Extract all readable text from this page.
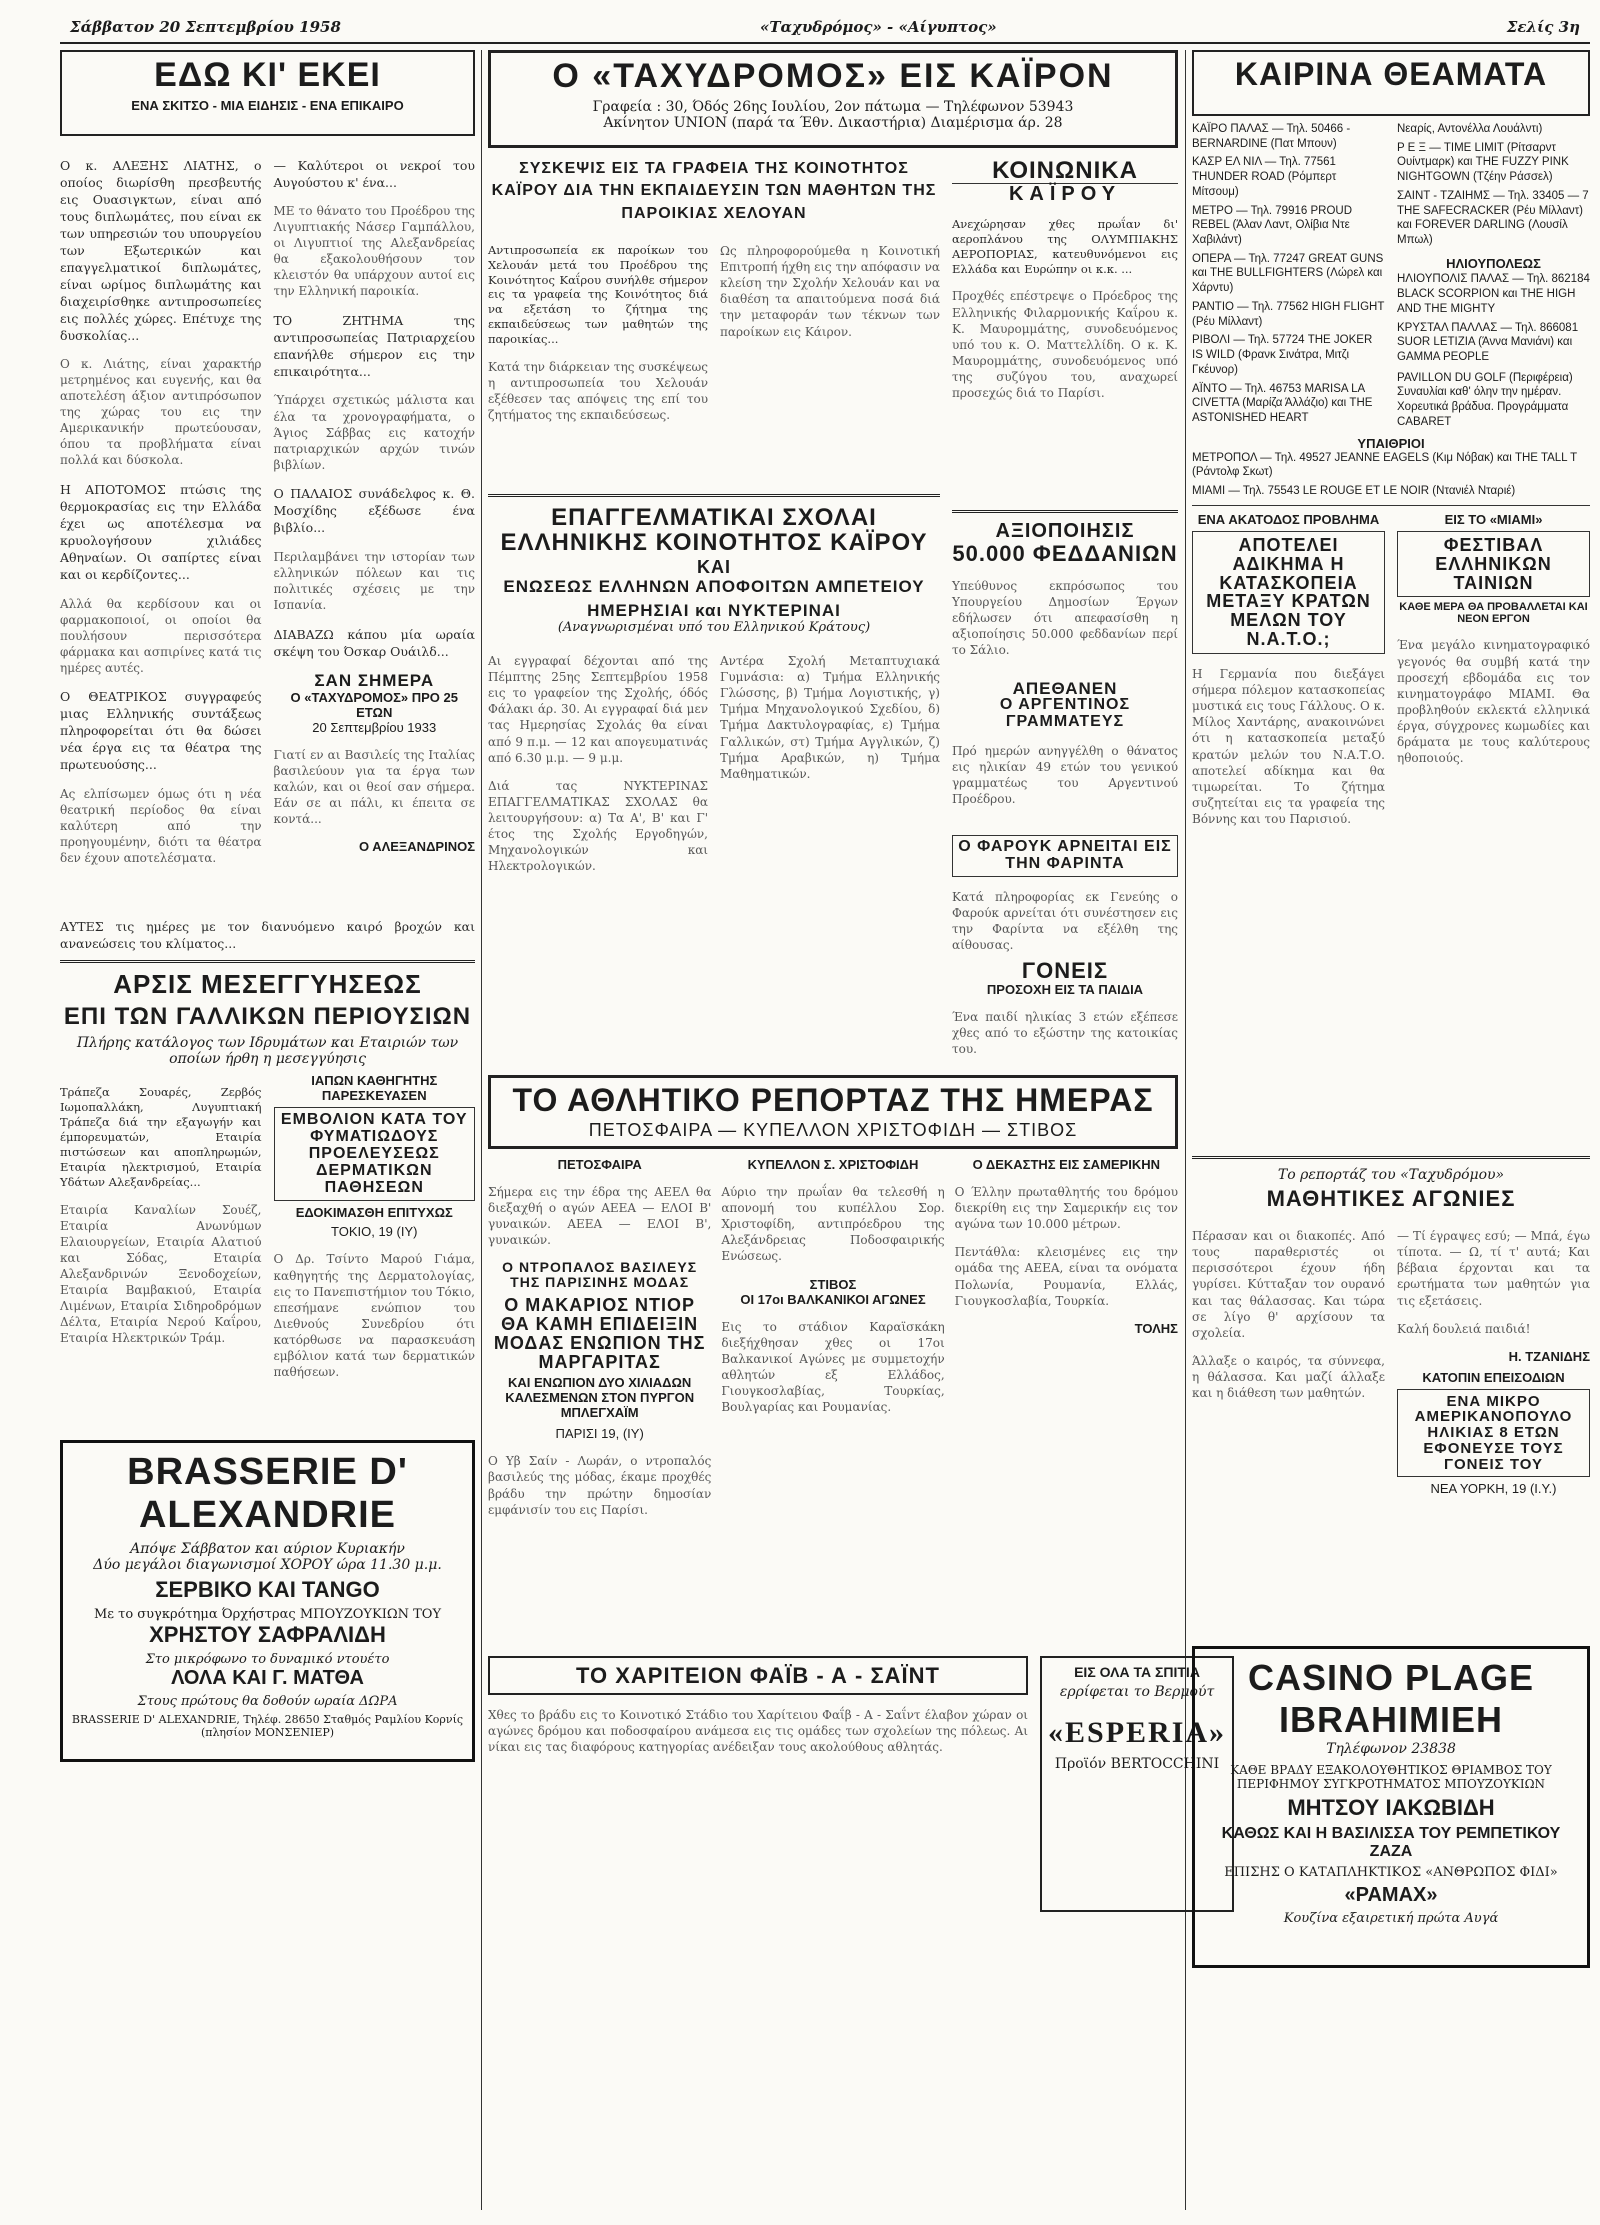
Σάββατον 20 Σεπτεμβρίου 1958	«Ταχυδρόμος» - «Αίγυπτος»	Σελίς 3η
ΕΔΩ ΚΙ' ΕΚΕΙ
ΕΝΑ ΣΚΙΤΣΟ - ΜΙΑ ΕΙΔΗΣΙΣ - ΕΝΑ ΕΠΙΚΑΙΡΟ

Ο κ. ΑΛΕΞΗΣ ΛΙΑΤΗΣ, ο οποίος διωρίσθη πρεσβευτής εις Ουασιγκτων, είναι από τους διπλωμάτες, που είναι εκ των υπηρεσιών του υπουργείου των Εξωτερικών και επαγγελματικοί διπλωμάτες, είναι ωρίμος διπλωμάτης και διαχειρίσθηκε αντιπροσωπείες εις πολλές χώρες. Επέτυχε της δυσκολίας...

Ο κ. Λιάτης, είναι χαρακτήρ μετρημένος και ευγενής, και θα αποτελέση άξιον αντιπρόσωπον της χώρας του εις την Αμερικανικήν πρωτεύουσαν, όπου τα προβλήματα είναι πολλά και δύσκολα.

Η ΑΠΟΤΟΜΟΣ πτώσις της θερμοκρασίας εις την Ελλάδα έχει ως αποτέλεσμα να κρυολογήσουν χιλιάδες Αθηναίων. Οι σαπίρτες είναι και οι κερδίζοντες...

Αλλά θα κερδίσουν και οι φαρμακοποιοί, οι οποίοι θα πουλήσουν περισσότερα φάρμακα και ασπιρίνες κατά τις ημέρες αυτές.

Ο ΘΕΑΤΡΙΚΟΣ συγγραφεύς μιας Ελληνικής συντάξεως πληροφορείται ότι θα δώσει νέα έργα εις τα θέατρα της πρωτευούσης...

Ας ελπίσωμεν όμως ότι η νέα θεατρική περίοδος θα είναι καλύτερη από την προηγουμένην, διότι τα θέατρα δεν έχουν αποτελέσματα.

— Καλύτεροι οι νεκροί του Αυγούστου κ' ένα...

ΜΕ το θάνατο του Προέδρου της Λιγυπτιακής Νάσερ Γαμπάλλου, οι Λιγυπτιοί της Αλεξανδρείας θα εξακολουθήσουν τον κλειστόν θα υπάρχουν αυτοί εις την Ελληνική παροικία.

ΤΟ ΖΗΤΗΜΑ της αντιπροσωπείας Πατριαρχείου επανήλθε σήμερον εις την επικαιρότητα...

Ύπάρχει σχετικώς μάλιστα και έλα τα χρονογραφήματα, ο Άγιος Σάββας εις κατοχήν πατριαρχικών αρχών τινών βιβλίων.

Ο ΠΑΛΑΙΟΣ συνάδελφος κ. Θ. Μοσχίδης εξέδωσε ένα βιβλίο...

Περιλαμβάνει την ιστορίαν των ελληνικών πόλεων και τις πολιτικές σχέσεις με την Ισπανία.

ΔΙΑΒΑΖΩ κάπου μία ωραία σκέψη του Όσκαρ Ουάιλδ...

ΣΑΝ ΣΗΜΕΡΑ
Ο «ΤΑΧΥΔΡΟΜΟΣ» ΠΡΟ 25 ΕΤΩΝ
20 Σεπτεμβρίου 1933

Γιατί εν αι Βασιλείς της Ιταλίας βασιλεύουν για τα έργα των καλών, και οι θεοί σαν σήμερα. Εάν σε αι πάλι, κι έπειτα σε κοντά...

Ο ΑΛΕΞΑΝΔΡΙΝΟΣ

ΑΥΤΕΣ τις ημέρες με τον διανυόμενο καιρό βροχών και ανανεώσεις του κλίματος...

ΑΡΣΙΣ ΜΕΣΕΓΓΥΗΣΕΩΣ
ΕΠΙ ΤΩΝ ΓΑΛΛΙΚΩΝ ΠΕΡΙΟΥΣΙΩΝ
Πλήρης κατάλογος των Ιδρυμάτων και Εταιριών των οποίων ήρθη η μεσεγγύησις

Τράπεζα Σουαρές, Ζερβός Ιωμοπαλλάκη, Λυγυπτιακή Τράπεζα διά την εξαγωγήν και έμπορευματών, Εταιρία πιστώσεων και αποπληρωμών, Εταιρία ηλεκτρισμού, Εταιρία Υδάτων Αλεξανδρείας...

Εταιρία Καναλίων Σουέζ, Εταιρία Ανωνύμων Ελαιουργείων, Εταιρία Αλατιού και Σόδας, Εταιρία Αλεξανδρινών Ξενοδοχείων, Εταιρία Βαμβακιού, Εταιρία Λιμένων, Εταιρία Σιδηροδρόμων Δέλτα, Εταιρία Νερού Καΐρου, Εταιρία Ηλεκτρικών Τράμ.

ΙΑΠΩΝ ΚΑΘΗΓΗΤΗΣ ΠΑΡΕΣΚΕΥΑΣΕΝ
ΕΜΒΟΛΙΟΝ ΚΑΤΑ ΤΟΥ ΦΥΜΑΤΙΩΔΟΥΣ ΠΡΟΕΛΕΥΣΕΩΣ ΔΕΡΜΑΤΙΚΩΝ ΠΑΘΗΣΕΩΝ
ΕΔΟΚΙΜΑΣΘΗ ΕΠΙΤΥΧΩΣ
ΤΟΚΙΟ, 19 (ΙΥ)

Ο Δρ. Τσίντο Μαρού Γιάμα, καθηγητής της Δερματολογίας, εις το Πανεπιστήμιον του Τόκιο, επεσήμανε ενώπιον του Διεθνούς Συνεδρίου ότι κατόρθωσε να παρασκευάση εμβόλιον κατά των δερματικών παθήσεων.

BRASSERIE D' ALEXANDRIE
Απόψε Σάββατον και αύριον Κυριακήν
Δύο μεγάλοι διαγωνισμοί ΧΟΡΟΥ ώρα 11.30 μ.μ.
ΣΕΡΒΙΚΟ ΚΑΙ TANGO
Με το συγκρότημα Όρχήστρας ΜΠΟΥΖΟΥΚΙΩΝ ΤΟΥ
ΧΡΗΣΤΟΥ ΣΑΦΡΑΛΙΔΗ
Στο μικρόφωνο το δυναμικό ντουέτο
ΛΟΛΑ ΚΑΙ Γ. ΜΑΤΘΑ
Στους πρώτους θα δοθούν ωραία ΔΩΡΑ
BRASSERIE D' ALEXANDRIE, Τηλέφ. 28650 Σταθμός Ραμλίου Κορνίς (πλησίον ΜΟΝΣΕΝΙΕΡ)
Ο «ΤΑΧΥΔΡΟΜΟΣ» ΕΙΣ ΚΑΪΡΟΝ
Γραφεία : 30, Όδός 26ης Ιουλίου, 2ον πάτωμα — Τηλέφωνον 53943
Ακίνητον UNION (παρά τα Έθν. Δικαστήρια) Διαμέρισμα άρ. 28
ΣΥΣΚΕΨΙΣ ΕΙΣ ΤΑ ΓΡΑΦΕΙΑ ΤΗΣ ΚΟΙΝΟΤΗΤΟΣ ΚΑΪΡΟΥ ΔΙΑ ΤΗΝ ΕΚΠΑΙΔΕΥΣΙΝ ΤΩΝ ΜΑΘΗΤΩΝ ΤΗΣ ΠΑΡΟΙΚΙΑΣ ΧΕΛΟΥΑΝ

Αντιπροσωπεία εκ παροίκων του Χελουάν μετά του Προέδρου της Κοινότητος Καΐρου συνήλθε σήμερον εις τα γραφεία της Κοινότητος διά να εξετάση το ζήτημα της εκπαιδεύσεως των μαθητών της παροικίας...

Κατά την διάρκειαν της συσκέψεως η αντιπροσωπεία του Χελουάν εξέθεσεν τας απόψεις της επί του ζητήματος της εκπαιδεύσεως.

Ως πληροφορούμεθα η Κοινοτική Επιτροπή ήχθη εις την απόφασιν να κλείση την Σχολήν Χελουάν και να διαθέση τα απαιτούμενα ποσά διά την μεταφοράν των τέκνων των παροίκων εις Κάιρον.

ΕΠΑΓΓΕΛΜΑΤΙΚΑΙ ΣΧΟΛΑΙ ΕΛΛΗΝΙΚΗΣ ΚΟΙΝΟΤΗΤΟΣ ΚΑΪΡΟΥ
ΚΑΙ
ΕΝΩΣΕΩΣ ΕΛΛΗΝΩΝ ΑΠΟΦΟΙΤΩΝ ΑΜΠΕΤΕΙΟΥ
ΗΜΕΡΗΣΙΑΙ και ΝΥΚΤΕΡΙΝΑΙ
(Αναγνωρισμέναι υπό του Ελληνικού Κράτους)

Αι εγγραφαί δέχονται από της Πέμπτης 25ης Σεπτεμβρίου 1958 εις το γραφείον της Σχολής, όδός Φάλακι άρ. 30. Αι εγγραφαί διά μεν τας Ημερησίας Σχολάς θα είναι από 9 π.μ. — 12 και απογευματινάς από 6.30 μ.μ. — 9 μ.μ.

Διά τας ΝΥΚΤΕΡΙΝΑΣ ΕΠΑΓΓΕΛΜΑΤΙΚΑΣ ΣΧΟΛΑΣ θα λειτουργήσουν: α) Τα Α', Β' και Γ' έτος της Σχολής Εργοδηγών, Μηχανολογικών και Ηλεκτρολογικών.

Αντέρα Σχολή Μεταπτυχιακά Γυμνάσια: α) Τμήμα Ελληνικής Γλώσσης, β) Τμήμα Λογιστικής, γ) Τμήμα Μηχανολογικού Σχεδίου, δ) Τμήμα Δακτυλογραφίας, ε) Τμήμα Γαλλικών, στ) Τμήμα Αγγλικών, ζ) Τμήμα Αραβικών, η) Τμήμα Μαθηματικών.

ΚΟΙΝΩΝΙΚΑ
ΚΑΪΡΟΥ

Ανεχώρησαν χθες πρωΐαν δι' αεροπλάνου της ΟΛΥΜΠΙΑΚΗΣ ΑΕΡΟΠΟΡΙΑΣ, κατευθυνόμενοι εις Ελλάδα και Ευρώπην οι κ.κ. ...

Προχθές επέστρεψε ο Πρόεδρος της Ελληνικής Φιλαρμονικής Καΐρου κ. Κ. Μαυρομμάτης, συνοδευόμενος υπό του κ. Ο. Ματτελλίδη. Ο κ. Κ. Μαυρομμάτης, συνοδευόμενος υπό της συζύγου του, αναχωρεί προσεχώς διά το Παρίσι.

ΑΞΙΟΠΟΙΗΣΙΣ
50.000 ΦΕΔΔΑΝΙΩΝ

Υπεύθυνος εκπρόσωπος του Υπουργείου Δημοσίων Έργων εδήλωσεν ότι απεφασίσθη η αξιοποίησις 50.000 φεδδανίων περί το Σάλιο.

ΑΠΕΘΑΝΕΝ
Ο ΑΡΓΕΝΤΙΝΟΣ ΓΡΑΜΜΑΤΕΥΣ

Πρό ημερών ανηγγέλθη ο θάνατος εις ηλικίαν 49 ετών του γενικού γραμματέως του Αργεντινού Προέδρου.

Ο ΦΑΡΟΥΚ ΑΡΝΕΙΤΑΙ ΕΙΣ ΤΗΝ ΦΑΡΙΝΤΑ

Κατά πληροφορίας εκ Γενεύης ο Φαρούκ αρνείται ότι συνέστησεν εις την Φαρίντα να εξέλθη της αίθουσας.

ΓΟΝΕΙΣ
ΠΡΟΣΟΧΗ ΕΙΣ ΤΑ ΠΑΙΔΙΑ

Ένα παιδί ηλικίας 3 ετών εξέπεσε χθες από το εξώστην της κατοικίας του.

ΤΟ ΑΘΛΗΤΙΚΟ ΡΕΠΟΡΤΑΖ ΤΗΣ ΗΜΕΡΑΣ
ΠΕΤΟΣΦΑΙΡΑ — ΚΥΠΕΛΛΟΝ ΧΡΙΣΤΟΦΙΔΗ — ΣΤΙΒΟΣ
ΠΕΤΟΣΦΑΙΡΑ

Σήμερα εις την έδρα της ΑΕΕΛ θα διεξαχθή ο αγών ΑΕΕΑ — ΕΛΟΙ Β' γυναικών. ΑΕΕΑ — ΕΛΟΙ Β', γυναικών.

Ο ΝΤΡΟΠΑΛΟΣ ΒΑΣΙΛΕΥΣ ΤΗΣ ΠΑΡΙΣΙΝΗΣ ΜΟΔΑΣ
Ο ΜΑΚΑΡΙΟΣ ΝΤΙΟΡ ΘΑ ΚΑΜΗ ΕΠΙΔΕΙΞΙΝ ΜΟΔΑΣ ΕΝΩΠΙΟΝ ΤΗΣ ΜΑΡΓΑΡΙΤΑΣ
ΚΑΙ ΕΝΩΠΙΟΝ ΔΥΟ ΧΙΛΙΑΔΩΝ ΚΑΛΕΣΜΕΝΩΝ ΣΤΟΝ ΠΥΡΓΟΝ ΜΠΛΕΓΧΑΪΜ
ΠΑΡΙΣΙ 19, (ΙΥ)

Ο Υβ Σαίν - Λωράν, ο ντροπαλός βασιλεύς της μόδας, έκαμε προχθές βράδυ την πρώτην δημοσίαν εμφάνισίν του εις Παρίσι.

ΚΥΠΕΛΛΟΝ Σ. ΧΡΙΣΤΟΦΙΔΗ

Αύριο την πρωΐαν θα τελεσθή η απονομή του κυπέλλου Σορ. Χριστοφίδη, αντιπρόεδρου της Αλεξάνδρειας Ποδοσφαιρικής Ενώσεως.

ΣΤΙΒΟΣ
ΟΙ 17οι ΒΑΛΚΑΝΙΚΟΙ ΑΓΩΝΕΣ

Εις το στάδιον Καραϊσκάκη διεξήχθησαν χθες οι 17οι Βαλκανικοί Αγώνες με συμμετοχήν αθλητών εξ Ελλάδος, Γιουγκοσλαβίας, Τουρκίας, Βουλγαρίας και Ρουμανίας.

Ο ΔΕΚΑΣΤΗΣ ΕΙΣ ΣΑΜΕΡΙΚΗΝ

Ο Έλλην πρωταθλητής του δρόμου διεκρίθη εις την Σαμερικήν εις τον αγώνα των 10.000 μέτρων.

Πεντάθλα: κλεισμένες εις την ομάδα της ΑΕΕΑ, είναι τα ονόματα Πολωνία, Ρουμανία, Ελλάς, Γιουγκοσλαβία, Τουρκία.

ΤΟΛΗΣ
ΤΟ ΧΑΡΙΤΕΙΟΝ ΦΑΪΒ - Α - ΣΑΪΝΤ

Χθες το βράδυ εις το Κοινοτικό Στάδιο του Χαρίτειου Φαΐβ - Α - Σαΐντ έλαβον χώραν οι αγώνες δρόμου και ποδοσφαίρου ανάμεσα εις τις ομάδες των σχολείων της πόλεως. Αι νίκαι εις τας διαφόρους κατηγορίας ανέδειξαν τους ακολούθους αθλητάς.

ΕΙΣ ΟΛΑ ΤΑ ΣΠΙΤΙΑ
ερρίφεται το Βερμούτ
«ESPERIA»
Προϊόν BERTOCCHINI
ΚΑΙΡΙΝΑ ΘΕΑΜΑΤΑ
ΚΑΪΡΟ ΠΑΛΑΣ — Τηλ. 50466 - BERNARDINE (Πατ Μπουν)
ΚΑΣΡ ΕΛ ΝΙΛ — Τηλ. 77561 THUNDER ROAD (Ρόμπερτ Μίτσουμ)
ΜΕΤΡΟ — Τηλ. 79916 PROUD REBEL (Άλαν Λαντ, Ολίβια Ντε Χαβιλάντ)
ΟΠΕΡΑ — Τηλ. 77247 GREAT GUNS και THE BULLFIGHTERS (Λώρελ και Χάρντυ)
ΡΑΝΤΙΟ — Τηλ. 77562 HIGH FLIGHT (Ρέυ Μίλλαντ)
ΡΙΒΟΛΙ — Τηλ. 57724 THE JOKER IS WILD (Φρανκ Σινάτρα, Μιτζι Γκέυνορ)
ΑΪΝΤΟ — Τηλ. 46753 MARISA LA CIVETTA (Μαρίζα Άλλάζιο) και THE ASTONISHED HEART
Νεαρίς, Αντονέλλα Λουάλντι)
Ρ Ε Ξ — TIME LIMIT (Ρίτσαρντ Ουίντμαρκ) και THE FUZZY PINK NIGHTGOWN (Τζέην Ράσσελ)
ΣΑΙΝΤ - ΤΖΑΙΗΜΣ — Τηλ. 33405 — 7 THE SAFECRACKER (Ρέυ Μίλλαντ) και FOREVER DARLING (Λουσίλ Μπωλ)
ΗΛΙΟΥΠΟΛΕΩΣ
ΗΛΙΟΥΠΟΛΙΣ ΠΑΛΑΣ — Τηλ. 862184 BLACK SCORPION και THE HIGH AND THE MIGHTY
ΚΡΥΣΤΑΛ ΠΑΛΛΑΣ — Τηλ. 866081 SUOR LETIZIA (Άννα Μανιάνι) και GAMMA PEOPLE
PAVILLON DU GOLF (Περιφέρεια) Συναυλίαι καθ' όλην την ημέραν. Χορευτικά βράδυα. Προγράμματα CABARET
ΥΠΑΙΘΡΙΟΙ
ΜΕΤΡΟΠΟΛ — Τηλ. 49527 JEANNE EAGELS (Κιμ Νόβακ) και THE TALL T (Ράντολφ Σκωτ)
ΜΙΑΜΙ — Τηλ. 75543 LE ROUGE ET LE NOIR (Ντανιέλ Νταριέ)
ΕΝΑ ΑΚΑΤΟΔΟΣ ΠΡΟΒΛΗΜΑ
ΑΠΟΤΕΛΕΙ ΑΔΙΚΗΜΑ Η ΚΑΤΑΣΚΟΠΕΙΑ ΜΕΤΑΞΥ ΚΡΑΤΩΝ ΜΕΛΩΝ ΤΟΥ Ν.Α.Τ.Ο.;

Η Γερμανία που διεξάγει σήμερα πόλεμον κατασκοπείας μυστικά εις τους Γάλλους. Ο κ. Μίλος Χαντάρης, ανακοινώνει ότι η κατασκοπεία μεταξύ κρατών μελών του Ν.Α.Τ.Ο. αποτελεί αδίκημα και θα τιμωρείται. Το ζήτημα συζητείται εις τα γραφεία της Βόννης και του Παρισιού.

ΕΙΣ ΤΟ «ΜΙΑΜΙ»
ΦΕΣΤΙΒΑΛ ΕΛΛΗΝΙΚΩΝ ΤΑΙΝΙΩΝ
ΚΑΘΕ ΜΕΡΑ ΘΑ ΠΡΟΒΑΛΛΕΤΑΙ ΚΑΙ ΝΕΟΝ ΕΡΓΟΝ

Ένα μεγάλο κινηματογραφικό γεγονός θα συμβή κατά την προσεχή εβδομάδα εις τον κινηματογράφο ΜΙΑΜΙ. Θα προβληθούν εκλεκτά ελληνικά έργα, σύγχρονες κωμωδίες και δράματα με τους καλύτερους ηθοποιούς.

Το ρεπορτάζ του «Ταχυδρόμου»
ΜΑΘΗΤΙΚΕΣ ΑΓΩΝΙΕΣ

Πέρασαν και οι διακοπές. Από τους παραθεριστές οι περισσότεροι έχουν ήδη γυρίσει. Κύτταξαν τον ουρανό και τας θάλασσας. Και τώρα σε λίγο θ' αρχίσουν τα σχολεία.

Άλλαξε ο καιρός, τα σύννεφα, η θάλασσα. Και μαζί άλλαξε και η διάθεση των μαθητών.

— Τί έγραψες εσύ; — Μπά, έγω τίποτα. — Ω, τί τ' αυτά; Και βέβαια έρχονται και τα ερωτήματα των μαθητών για τις εξετάσεις.

Καλή δουλειά παιδιά!

Η. ΤΖΑΝΙΔΗΣ
ΚΑΤΟΠΙΝ ΕΠΕΙΣΟΔΙΩΝ
ΕΝΑ ΜΙΚΡΟ ΑΜΕΡΙΚΑΝΟΠΟΥΛΟ ΗΛΙΚΙΑΣ 8 ΕΤΩΝ ΕΦΟΝΕΥΣΕ ΤΟΥΣ ΓΟΝΕΙΣ ΤΟΥ
ΝΕΑ ΥΟΡΚΗ, 19 (Ι.Υ.)
CASINO PLAGE IBRAHIMIEH
Τηλέφωνον 23838
ΚΑΘΕ ΒΡΑΔΥ ΕΞΑΚΟΛΟΥΘΗΤΙΚΟΣ ΘΡΙΑΜΒΟΣ ΤΟΥ ΠΕΡΙΦΗΜΟΥ ΣΥΓΚΡΟΤΗΜΑΤΟΣ ΜΠΟΥΖΟΥΚΙΩΝ
ΜΗΤΣΟΥ ΙΑΚΩΒΙΔΗ
ΚΑΘΩΣ ΚΑΙ Η ΒΑΣΙΛΙΣΣΑ ΤΟΥ ΡΕΜΠΕΤΙΚΟΥ ΖΑΖΑ
ΕΠΙΣΗΣ Ο ΚΑΤΑΠΛΗΚΤΙΚΟΣ «ΑΝΘΡΩΠΟΣ ΦΙΔΙ»
«ΡΑΜΑΧ»
Κουζίνα εξαιρετική πρώτα Αυγά
